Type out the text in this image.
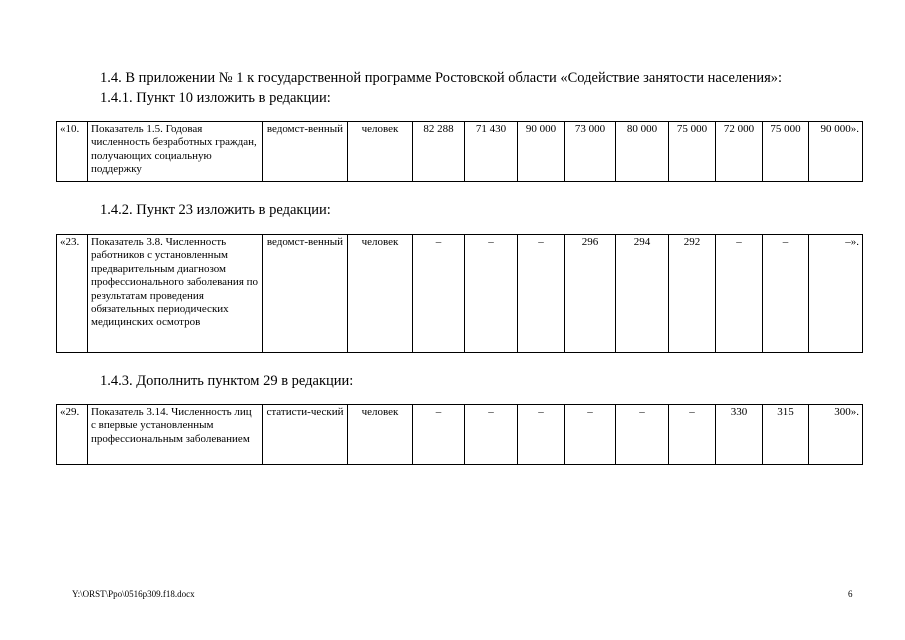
1.4. В приложении № 1 к государственной программе Ростовской области «Содействие занятости населения»:
1.4.1. Пункт 10 изложить в редакции:
«10.	Показатель 1.5. Годовая численность безработных граждан, получающих социальную поддержку	ведомст-венный	человек	82 288	71 430	90 000	73 000	80 000	75 000	72 000	75 000	90 000».
1.4.2. Пункт 23 изложить в редакции:
«23.	Показатель 3.8. Численность работников с установленным предварительным диагнозом профессионального заболевания по результатам проведения обязательных периодических медицинских осмотров	ведомст-венный	человек	–	–	–	296	294	292	–	–	–».
1.4.3. Дополнить пунктом 29 в редакции:
«29.	Показатель 3.14. Численность лиц с впервые установленным профессиональным заболеванием	статисти-ческий	человек	–	–	–	–	–	–	330	315	300».
Y:\ORST\Ppo\0516p309.f18.docx	6
